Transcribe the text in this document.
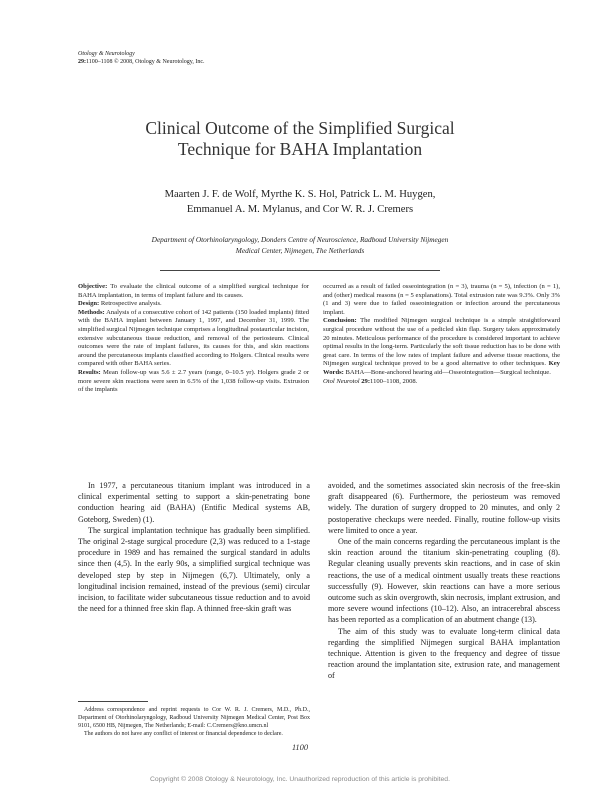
Otology & Neurotology
29:1100–1108 © 2008, Otology & Neurotology, Inc.
Clinical Outcome of the Simplified Surgical
Technique for BAHA Implantation
Maarten J. F. de Wolf, Myrthe K. S. Hol, Patrick L. M. Huygen,
Emmanuel A. M. Mylanus, and Cor W. R. J. Cremers
Department of Otorhinolaryngology, Donders Centre of Neuroscience, Radboud University Nijmegen
Medical Center, Nijmegen, The Netherlands

Objective: To evaluate the clinical outcome of a simplified surgical technique for BAHA implantation, in terms of implant failure and its causes.

Design: Retrospective analysis.

Methods: Analysis of a consecutive cohort of 142 patients (150 loaded implants) fitted with the BAHA implant between January 1, 1997, and December 31, 1999. The simplified surgical Nijmegen technique comprises a longitudinal postauricular incision, extensive subcutaneous tissue reduction, and removal of the periosteum. Clinical outcomes were the rate of implant failures, its causes for this, and skin reactions around the percutaneous implants classified according to Holgers. Clinical results were compared with other BAHA series.

Results: Mean follow-up was 5.6 ± 2.7 years (range, 0–10.5 yr). Holgers grade 2 or more severe skin reactions were seen in 6.5% of the 1,038 follow-up visits. Extrusion of the implants

occurred as a result of failed osseointegration (n = 3), trauma (n = 5), infection (n = 1), and (other) medical reasons (n = 5 explanations). Total extrusion rate was 9.3%. Only 3% (1 and 3) were due to failed osseointegration or infection around the percutaneous implant.

Conclusion: The modified Nijmegen surgical technique is a simple straightforward surgical procedure without the use of a pedicled skin flap. Surgery takes approximately 20 minutes. Meticulous performance of the procedure is considered important to achieve optimal results in the long-term. Particularly the soft tissue reduction has to be done with great care. In terms of the low rates of implant failure and adverse tissue reactions, the Nijmegen surgical technique proved to be a good alternative to other techniques. Key Words: BAHA—Bone-anchored hearing aid—Osseointegration—Surgical technique.

Otol Neurotol 29:1100–1108, 2008.

In 1977, a percutaneous titanium implant was introduced in a clinical experimental setting to support a skin-penetrating bone conduction hearing aid (BAHA) (Entific Medical systems AB, Goteborg, Sweden) (1).

The surgical implantation technique has gradually been simplified. The original 2-stage surgical procedure (2,3) was reduced to a 1-stage procedure in 1989 and has remained the surgical standard in adults since then (4,5). In the early 90s, a simplified surgical technique was developed step by step in Nijmegen (6,7). Ultimately, only a longitudinal incision remained, instead of the previous (semi) circular incision, to facilitate wider subcutaneous tissue reduction and to avoid the need for a thinned free skin flap. A thinned free-skin graft was

avoided, and the sometimes associated skin necrosis of the free-skin graft disappeared (6). Furthermore, the periosteum was removed widely. The duration of surgery dropped to 20 minutes, and only 2 postoperative checkups were needed. Finally, routine follow-up visits were limited to once a year.

One of the main concerns regarding the percutaneous implant is the skin reaction around the titanium skin-penetrating coupling (8). Regular cleaning usually prevents skin reactions, and in case of skin reactions, the use of a medical ointment usually treats these reactions successfully (9). However, skin reactions can have a more serious outcome such as skin overgrowth, skin necrosis, implant extrusion, and more severe wound infections (10–12). Also, an intracerebral abscess has been reported as a complication of an abutment change (13).

The aim of this study was to evaluate long-term clinical data regarding the simplified Nijmegen surgical BAHA implantation technique. Attention is given to the frequency and degree of tissue reaction around the implantation site, extrusion rate, and management of

Address correspondence and reprint requests to Cor W. R. J. Cremers, M.D., Ph.D., Department of Otorhinolaryngology, Radboud University Nijmegen Medical Center, Post Box 9101, 6500 HB, Nijmegen, The Netherlands; E-mail: C.Cremers@kno.umcn.nl

The authors do not have any conflict of interest or financial dependence to declare.

1100
Copyright © 2008 Otology & Neurotology, Inc. Unauthorized reproduction of this article is prohibited.
